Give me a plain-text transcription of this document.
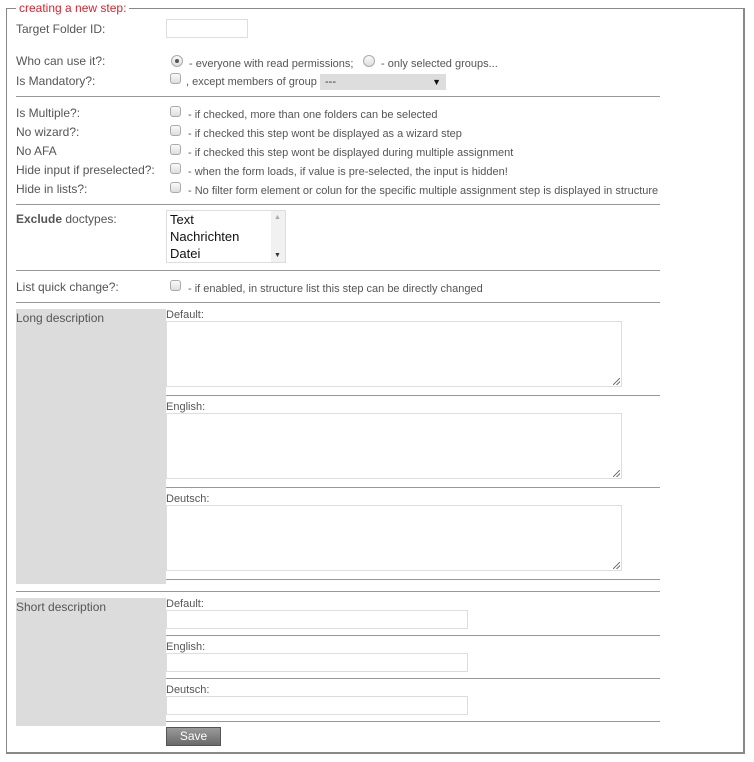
creating a new step:
Target Folder ID:
Who can use it?:	- everyone with read permissions;	- only selected groups...
Is Mandatory?:	, except members of group ---	▼
Is Multiple?:	- if checked, more than one folders can be selected
No wizard?:	- if checked this step wont be displayed as a wizard step
No AFA	- if checked this step wont be displayed during multiple assignment
Hide input if preselected?:	- when the form loads, if value is pre-selected, the input is hidden!
Hide in lists?:	- No filter form element or colun for the specific multiple assignment step is displayed in structure
Exclude doctypes:	Text
Nachrichten
Datei
▲
▼
List quick change?:	- if enabled, in structure list this step can be directly changed
Long description	Default:
English:
Deutsch:
Short description	Default:
English:
Deutsch:
Save
